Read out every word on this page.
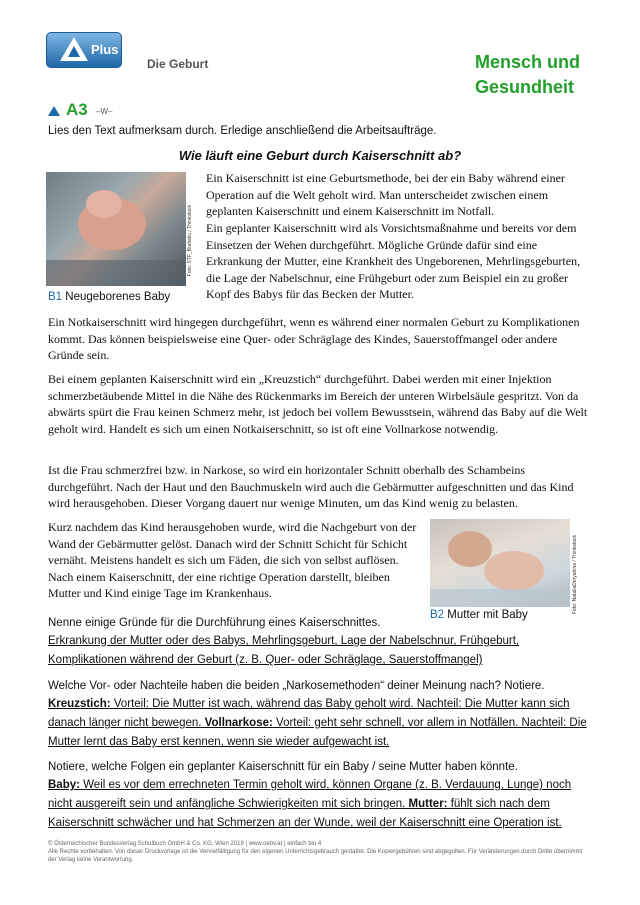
Plus
Die Geburt	Mensch und
Gesundheit
A3 –W–
Lies den Text aufmerksam durch. Erledige anschließend die Arbeitsaufträge.
Wie läuft eine Geburt durch Kaiserschnitt ab?
Foto: STF_Brabeliu / Thinkstock
B1 Neugeborenes Baby

Ein Kaiserschnitt ist eine Geburtsmethode, bei der ein Baby während einer Operation auf die Welt geholt wird. Man unterscheidet zwischen einem geplanten Kaiserschnitt und einem Kaiserschnitt im Notfall.

Ein geplanter Kaiserschnitt wird als Vorsichtsmaßnahme und bereits vor dem Einsetzen der Wehen durchgeführt. Mögliche Gründe dafür sind eine Erkrankung der Mutter, eine Krankheit des Ungeborenen, Mehrlingsgeburten, die Lage der Nabelschnur, eine Frühgeburt oder zum Beispiel ein zu großer Kopf des Babys für das Becken der Mutter.

Ein Notkaiserschnitt wird hingegen durchgeführt, wenn es während einer normalen Geburt zu Komplikationen kommt. Das können beispielsweise eine Quer- oder Schräglage des Kindes, Sauerstoffmangel oder andere Gründe sein.

Bei einem geplanten Kaiserschnitt wird ein „Kreuzstich“ durchgeführt. Dabei werden mit einer Injektion schmerzbetäubende Mittel in die Nähe des Rückenmarks im Bereich der unteren Wirbelsäule gespritzt. Von da abwärts spürt die Frau keinen Schmerz mehr, ist jedoch bei vollem Bewusstsein, während das Baby auf die Welt geholt wird. Handelt es sich um einen Notkaiserschnitt, so ist oft eine Vollnarkose notwendig.

Ist die Frau schmerzfrei bzw. in Narkose, so wird ein horizontaler Schnitt oberhalb des Schambeins durchgeführt. Nach der Haut und den Bauchmuskeln wird auch die Gebärmutter aufgeschnitten und das Kind wird herausgehoben. Dieser Vorgang dauert nur wenige Minuten, um das Kind wenig zu belasten.

Kurz nachdem das Kind herausgehoben wurde, wird die Nachgeburt von der Wand der Gebärmutter gelöst. Danach wird der Schnitt Schicht für Schicht vernäht. Meistens handelt es sich um Fäden, die sich von selbst auflösen. Nach einem Kaiserschnitt, der eine richtige Operation darstellt, bleiben Mutter und Kind einige Tage im Krankenhaus.	Foto: NataliaDeryabina / Thinkstock
B2 Mutter mit Baby

Nenne einige Gründe für die Durchführung eines Kaiserschnittes.

Erkrankung der Mutter oder des Babys, Mehrlingsgeburt, Lage der Nabelschnur, Frühgeburt, Komplikationen während der Geburt (z. B. Quer- oder Schräglage, Sauerstoffmangel)

Welche Vor- oder Nachteile haben die beiden „Narkosemethoden“ deiner Meinung nach? Notiere.

Kreuzstich: Vorteil: Die Mutter ist wach, während das Baby geholt wird. Nachteil: Die Mutter kann sich danach länger nicht bewegen. Vollnarkose: Vorteil: geht sehr schnell, vor allem in Notfällen. Nachteil: Die Mutter lernt das Baby erst kennen, wenn sie wieder aufgewacht ist.

Notiere, welche Folgen ein geplanter Kaiserschnitt für ein Baby / seine Mutter haben könnte.

Baby: Weil es vor dem errechneten Termin geholt wird, können Organe (z. B. Verdauung, Lunge) noch nicht ausgereift sein und anfängliche Schwierigkeiten mit sich bringen. Mutter: fühlt sich nach dem Kaiserschnitt schwächer und hat Schmerzen an der Wunde, weil der Kaiserschnitt eine Operation ist.

© Österreichischer Bundesverlag Schulbuch GmbH & Co. KG, Wien 2019 | www.oebv.at | einfach bio 4
Alle Rechte vorbehalten. Von dieser Druckvorlage ist die Vervielfältigung für den eigenen Unterrichtsgebrauch gestattet. Die Kopiergebühren sind abgegolten. Für Veränderungen durch Dritte übernimmt der Verlag keine Verantwortung.
